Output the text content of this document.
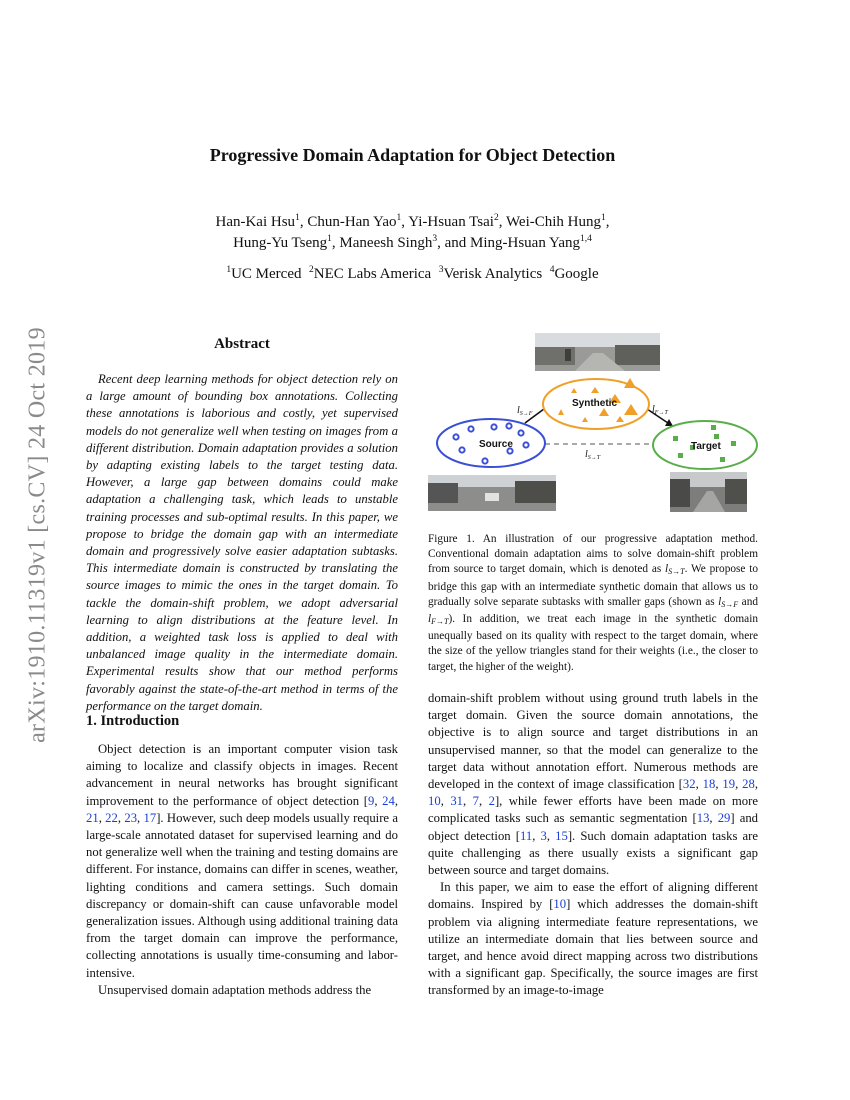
arXiv:1910.11319v1 [cs.CV] 24 Oct 2019
Progressive Domain Adaptation for Object Detection
Han-Kai Hsu$^1$, Chun-Han Yao$^1$, Yi-Hsuan Tsai$^2$, Wei-Chih Hung$^1$,
Hung-Yu Tseng$^1$, Maneesh Singh$^3$, and Ming-Hsuan Yang$^{1,4}$
$^1$UC Merced $^2$NEC Labs America $^3$Verisk Analytics $^4$Google
Abstract
Recent deep learning methods for object detection rely on a large amount of bounding box annotations. Collecting these annotations is laborious and costly, yet supervised models do not generalize well when testing on images from a different distribution. Domain adaptation provides a solution by adapting existing labels to the target testing data. However, a large gap between domains could make adaptation a challenging task, which leads to unstable training processes and sub-optimal results. In this paper, we propose to bridge the domain gap with an intermediate domain and progressively solve easier adaptation subtasks. This intermediate domain is constructed by translating the source images to mimic the ones in the target domain. To tackle the domain-shift problem, we adopt adversarial learning to align distributions at the feature level. In addition, a weighted task loss is applied to deal with unbalanced image quality in the intermediate domain. Experimental results show that our method performs favorably against the state-of-the-art method in terms of the performance on the target domain.
1. Introduction

Object detection is an important computer vision task aiming to localize and classify objects in images. Recent advancement in neural networks has brought significant improvement to the performance of object detection [9, 24, 21, 22, 23, 17]. However, such deep models usually require a large-scale annotated dataset for supervised learning and do not generalize well when the training and testing domains are different. For instance, domains can differ in scenes, weather, lighting conditions and camera settings. Such domain discrepancy or domain-shift can cause unfavorable model generalization issues. Although using additional training data from the target domain can improve the performance, collecting annotations is usually time-consuming and labor-intensive.

Unsupervised domain adaptation methods address the

Source
Synthetic
Target
$l_{S\to F}$	$l_{F\to T}$
$l_{S\to T}$
Figure 1. An illustration of our progressive adaptation method. Conventional domain adaptation aims to solve domain-shift problem from source to target domain, which is denoted as $l_{S\to T}$. We propose to bridge this gap with an intermediate synthetic domain that allows us to gradually solve separate subtasks with smaller gaps (shown as $l_{S\to F}$ and $l_{F\to T}$). In addition, we treat each image in the synthetic domain unequally based on its quality with respect to the target domain, where the size of the yellow triangles stand for their weights (i.e., the closer to target, the higher of the weight).

domain-shift problem without using ground truth labels in the target domain. Given the source domain annotations, the objective is to align source and target distributions in an unsupervised manner, so that the model can generalize to the target data without annotation effort. Numerous methods are developed in the context of image classification [32, 18, 19, 28, 10, 31, 7, 2], while fewer efforts have been made on more complicated tasks such as semantic segmentation [13, 29] and object detection [11, 3, 15]. Such domain adaptation tasks are quite challenging as there usually exists a significant gap between source and target domains.

In this paper, we aim to ease the effort of aligning different domains. Inspired by [10] which addresses the domain-shift problem via aligning intermediate feature representations, we utilize an intermediate domain that lies between source and target, and hence avoid direct mapping across two distributions with a significant gap. Specifically, the source images are first transformed by an image-to-image
